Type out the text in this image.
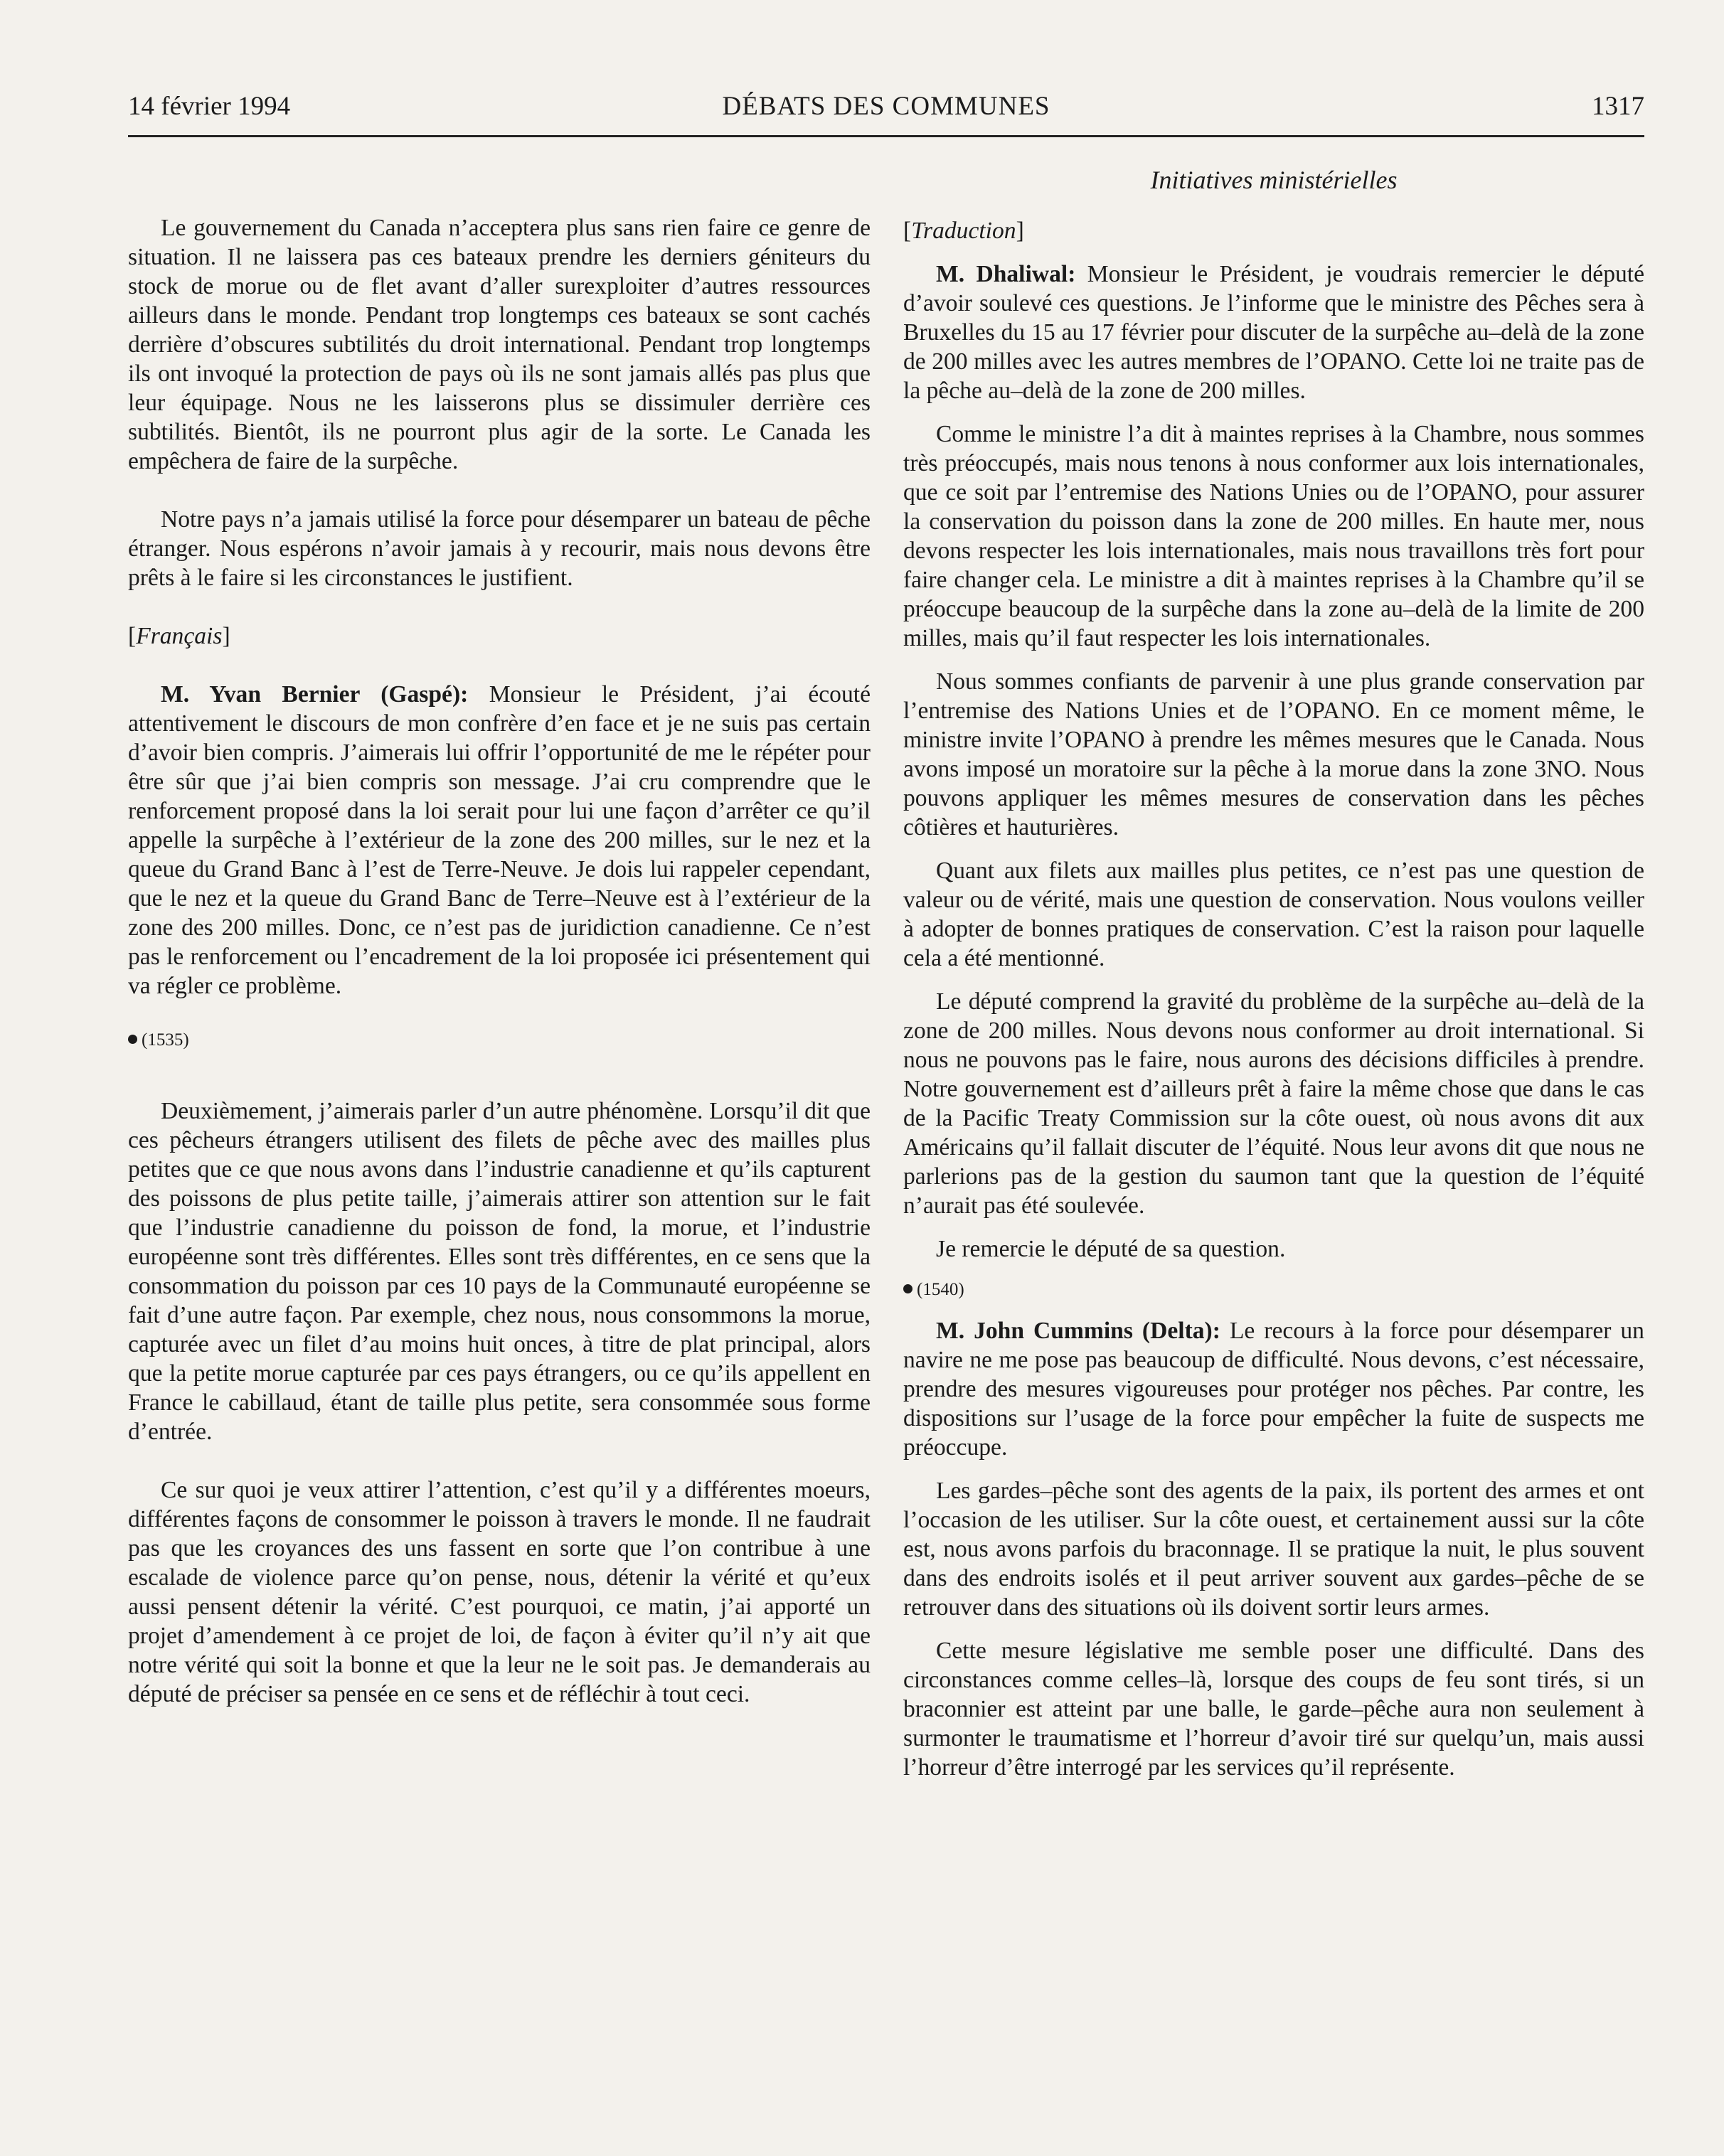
14 février 1994	DÉBATS DES COMMUNES	1317
Initiatives ministérielles

Le gouvernement du Canada n’acceptera plus sans rien faire ce genre de situation. Il ne laissera pas ces bateaux prendre les derniers géniteurs du stock de morue ou de flet avant d’aller surexploiter d’autres ressources ailleurs dans le monde. Pendant trop longtemps ces bateaux se sont cachés derrière d’obscures subtilités du droit international. Pendant trop longtemps ils ont invoqué la protection de pays où ils ne sont jamais allés pas plus que leur équipage. Nous ne les laisserons plus se dissimuler derrière ces subtilités. Bientôt, ils ne pourront plus agir de la sorte. Le Canada les empêchera de faire de la surpêche.

Notre pays n’a jamais utilisé la force pour désemparer un bateau de pêche étranger. Nous espérons n’avoir jamais à y recourir, mais nous devons être prêts à le faire si les circonstances le justifient.

[Français]

M. Yvan Bernier (Gaspé): Monsieur le Président, j’ai écouté attentivement le discours de mon confrère d’en face et je ne suis pas certain d’avoir bien compris. J’aimerais lui offrir l’opportunité de me le répéter pour être sûr que j’ai bien compris son message. J’ai cru comprendre que le renforcement proposé dans la loi serait pour lui une façon d’arrêter ce qu’il appelle la surpêche à l’extérieur de la zone des 200 milles, sur le nez et la queue du Grand Banc à l’est de Terre-Neuve. Je dois lui rappeler cependant, que le nez et la queue du Grand Banc de Terre–Neuve est à l’extérieur de la zone des 200 milles. Donc, ce n’est pas de juridiction canadienne. Ce n’est pas le renforcement ou l’encadrement de la loi proposée ici présentement qui va régler ce problème.

(1535)

Deuxièmement, j’aimerais parler d’un autre phénomène. Lorsqu’il dit que ces pêcheurs étrangers utilisent des filets de pêche avec des mailles plus petites que ce que nous avons dans l’industrie canadienne et qu’ils capturent des poissons de plus petite taille, j’aimerais attirer son attention sur le fait que l’industrie canadienne du poisson de fond, la morue, et l’industrie européenne sont très différentes. Elles sont très différentes, en ce sens que la consommation du poisson par ces 10 pays de la Communauté européenne se fait d’une autre façon. Par exemple, chez nous, nous consommons la morue, capturée avec un filet d’au moins huit onces, à titre de plat principal, alors que la petite morue capturée par ces pays étrangers, ou ce qu’ils appellent en France le cabillaud, étant de taille plus petite, sera consommée sous forme d’entrée.

Ce sur quoi je veux attirer l’attention, c’est qu’il y a différentes moeurs, différentes façons de consommer le poisson à travers le monde. Il ne faudrait pas que les croyances des uns fassent en sorte que l’on contribue à une escalade de violence parce qu’on pense, nous, détenir la vérité et qu’eux aussi pensent détenir la vérité. C’est pourquoi, ce matin, j’ai apporté un projet d’amendement à ce projet de loi, de façon à éviter qu’il n’y ait que notre vérité qui soit la bonne et que la leur ne le soit pas. Je demanderais au député de préciser sa pensée en ce sens et de réfléchir à tout ceci.

[Traduction]

M. Dhaliwal: Monsieur le Président, je voudrais remercier le député d’avoir soulevé ces questions. Je l’informe que le ministre des Pêches sera à Bruxelles du 15 au 17 février pour discuter de la surpêche au–delà de la zone de 200 milles avec les autres membres de l’OPANO. Cette loi ne traite pas de la pêche au–delà de la zone de 200 milles.

Comme le ministre l’a dit à maintes reprises à la Chambre, nous sommes très préoccupés, mais nous tenons à nous conformer aux lois internationales, que ce soit par l’entremise des Nations Unies ou de l’OPANO, pour assurer la conservation du poisson dans la zone de 200 milles. En haute mer, nous devons respecter les lois internationales, mais nous travaillons très fort pour faire changer cela. Le ministre a dit à maintes reprises à la Chambre qu’il se préoccupe beaucoup de la surpêche dans la zone au–delà de la limite de 200 milles, mais qu’il faut respecter les lois internationales.

Nous sommes confiants de parvenir à une plus grande conservation par l’entremise des Nations Unies et de l’OPANO. En ce moment même, le ministre invite l’OPANO à prendre les mêmes mesures que le Canada. Nous avons imposé un moratoire sur la pêche à la morue dans la zone 3NO. Nous pouvons appliquer les mêmes mesures de conservation dans les pêches côtières et hauturières.

Quant aux filets aux mailles plus petites, ce n’est pas une question de valeur ou de vérité, mais une question de conservation. Nous voulons veiller à adopter de bonnes pratiques de conservation. C’est la raison pour laquelle cela a été mentionné.

Le député comprend la gravité du problème de la surpêche au–delà de la zone de 200 milles. Nous devons nous conformer au droit international. Si nous ne pouvons pas le faire, nous aurons des décisions difficiles à prendre. Notre gouvernement est d’ailleurs prêt à faire la même chose que dans le cas de la Pacific Treaty Commission sur la côte ouest, où nous avons dit aux Américains qu’il fallait discuter de l’équité. Nous leur avons dit que nous ne parlerions pas de la gestion du saumon tant que la question de l’équité n’aurait pas été soulevée.

Je remercie le député de sa question.

(1540)

M. John Cummins (Delta): Le recours à la force pour désemparer un navire ne me pose pas beaucoup de difficulté. Nous devons, c’est nécessaire, prendre des mesures vigoureuses pour protéger nos pêches. Par contre, les dispositions sur l’usage de la force pour empêcher la fuite de suspects me préoccupe.

Les gardes–pêche sont des agents de la paix, ils portent des armes et ont l’occasion de les utiliser. Sur la côte ouest, et certainement aussi sur la côte est, nous avons parfois du braconnage. Il se pratique la nuit, le plus souvent dans des endroits isolés et il peut arriver souvent aux gardes–pêche de se retrouver dans des situations où ils doivent sortir leurs armes.

Cette mesure législative me semble poser une difficulté. Dans des circonstances comme celles–là, lorsque des coups de feu sont tirés, si un braconnier est atteint par une balle, le garde–pêche aura non seulement à surmonter le traumatisme et l’horreur d’avoir tiré sur quelqu’un, mais aussi l’horreur d’être interrogé par les services qu’il représente.
